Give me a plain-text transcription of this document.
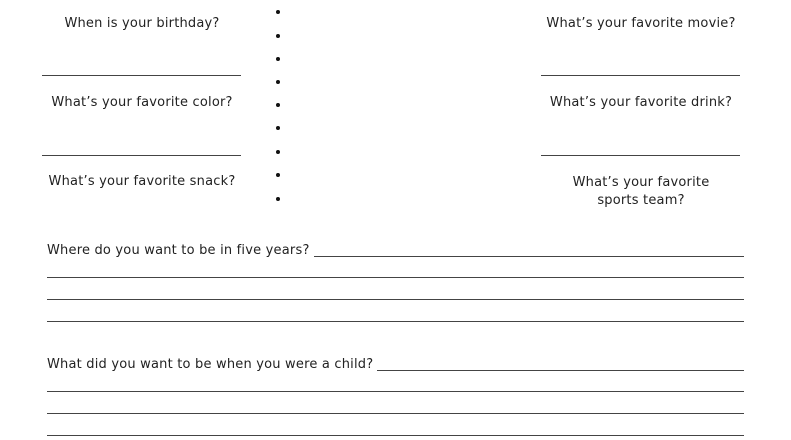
When is your birthday?
What’s your favorite color?
What’s your favorite snack?
What’s your favorite movie?
What’s your favorite drink?
What’s your favorite sports team?
Where do you want to be in five years?
What did you want to be when you were a child?
